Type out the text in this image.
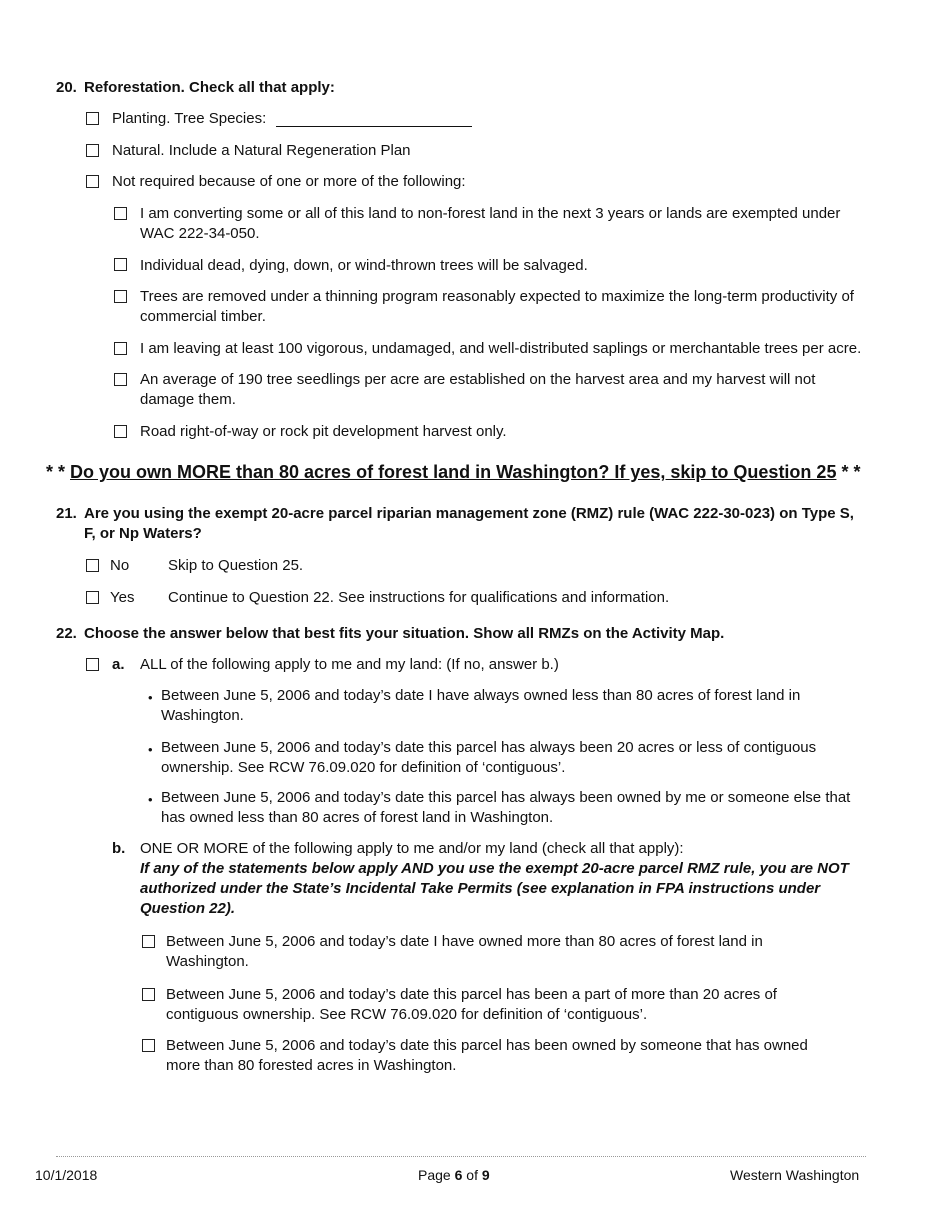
20. Reforestation. Check all that apply:
Planting. Tree Species:
Natural. Include a Natural Regeneration Plan
Not required because of one or more of the following:
I am converting some or all of this land to non-forest land in the next 3 years or lands are exempted under
WAC 222-34-050.
Individual dead, dying, down, or wind-thrown trees will be salvaged.
Trees are removed under a thinning program reasonably expected to maximize the long-term productivity of
commercial timber.
I am leaving at least 100 vigorous, undamaged, and well-distributed saplings or merchantable trees per acre.
An average of 190 tree seedlings per acre are established on the harvest area and my harvest will not
damage them.
Road right-of-way or rock pit development harvest only.
* * Do you own MORE than 80 acres of forest land in Washington? If yes, skip to Question 25 * *
21. Are you using the exempt 20-acre parcel riparian management zone (RMZ) rule (WAC 222-30-023) on Type S,
F, or Np Waters?
No	Skip to Question 25.
Yes Continue to Question 22. See instructions for qualifications and information.
22. Choose the answer below that best fits your situation. Show all RMZs on the Activity Map.
a. ALL of the following apply to me and my land: (If no, answer b.)
• Between June 5, 2006 and today’s date I have always owned less than 80 acres of forest land in
Washington.
• Between June 5, 2006 and today’s date this parcel has always been 20 acres or less of contiguous
ownership. See RCW 76.09.020 for definition of ‘contiguous’.
• Between June 5, 2006 and today’s date this parcel has always been owned by me or someone else that
has owned less than 80 acres of forest land in Washington.
b. ONE OR MORE of the following apply to me and/or my land (check all that apply):
If any of the statements below apply AND you use the exempt 20-acre parcel RMZ rule, you are NOT
authorized under the State’s Incidental Take Permits (see explanation in FPA instructions under
Question 22).
Between June 5, 2006 and today’s date I have owned more than 80 acres of forest land in
Washington.
Between June 5, 2006 and today’s date this parcel has been a part of more than 20 acres of
contiguous ownership. See RCW 76.09.020 for definition of ‘contiguous’.
Between June 5, 2006 and today’s date this parcel has been owned by someone that has owned
more than 80 forested acres in Washington.
10/1/2018	Page 6 of 9	Western Washington
